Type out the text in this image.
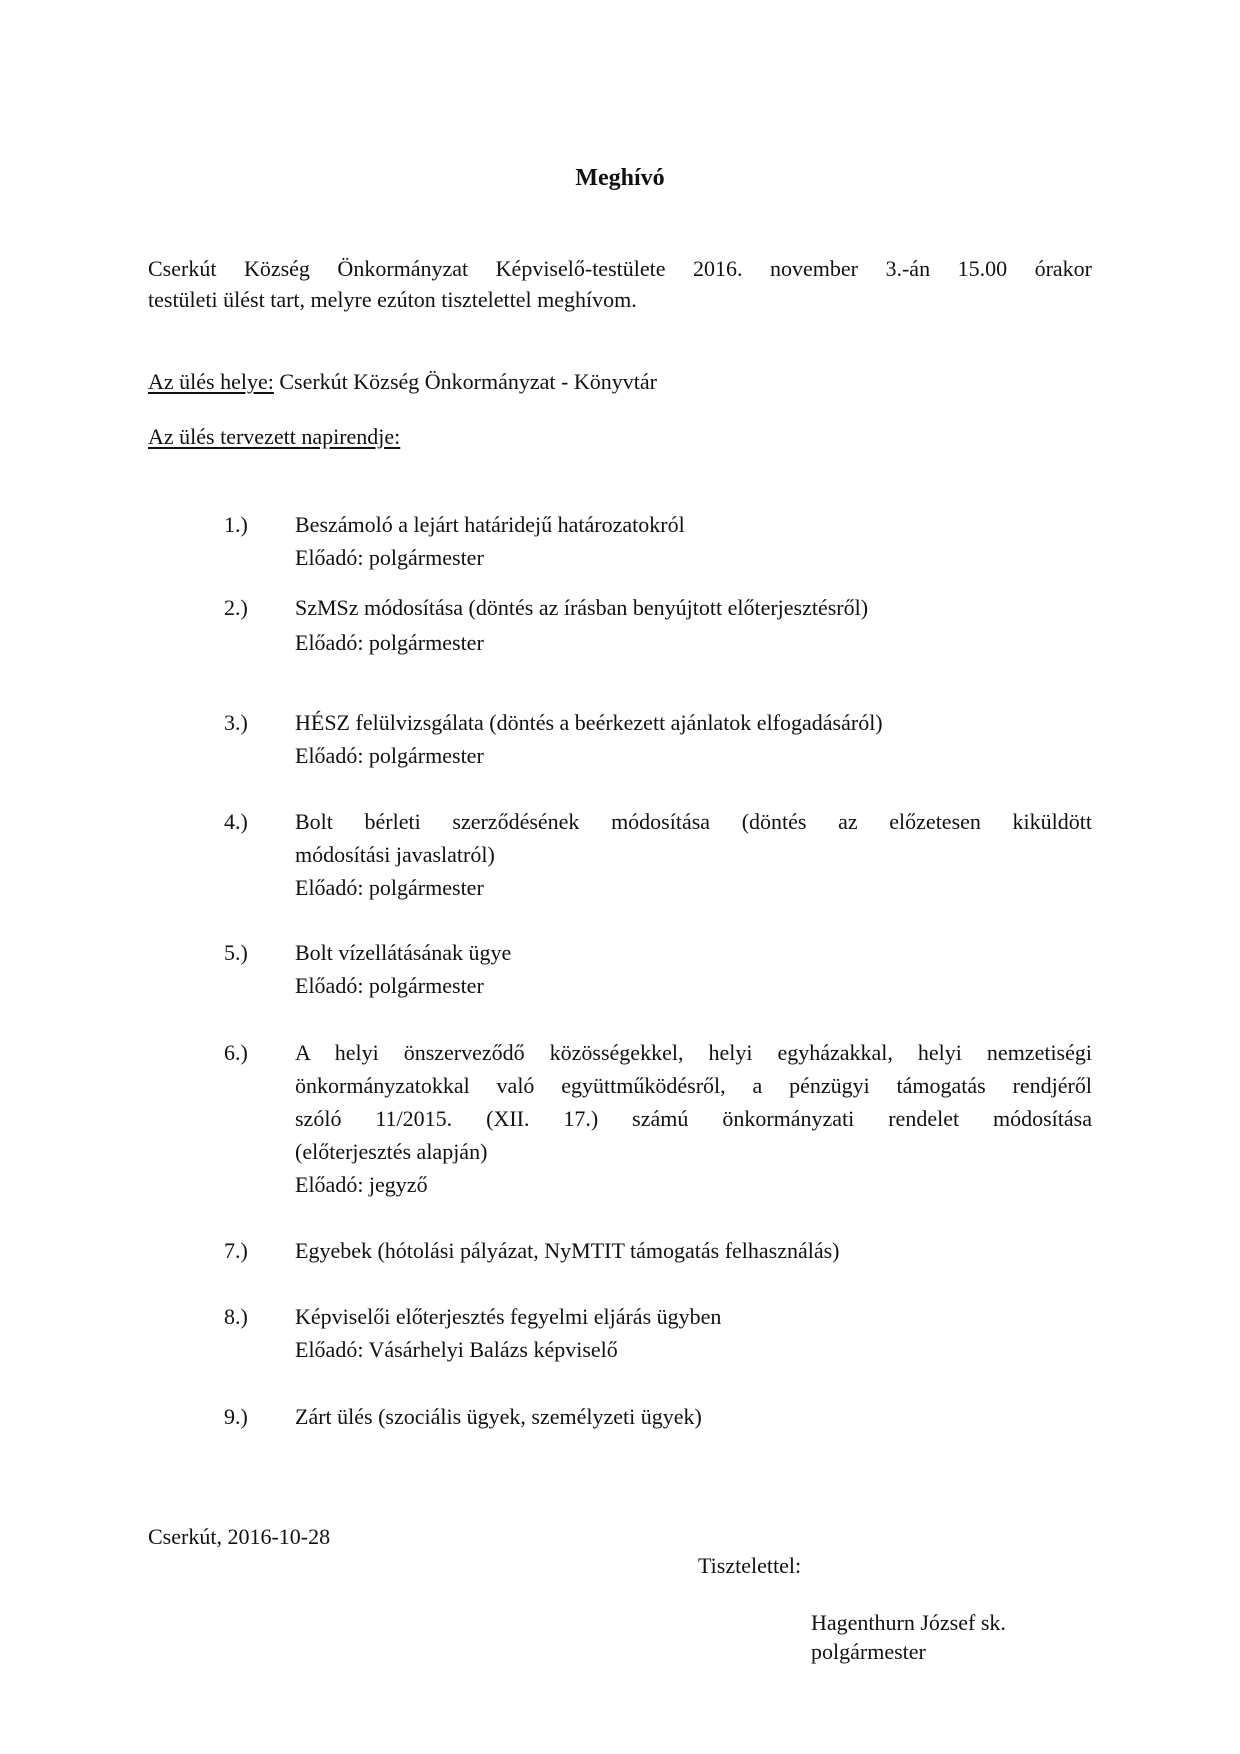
Meghívó
Cserkút Község Önkormányzat Képviselő-testülete 2016. november 3.-án 15.00 órakor
testületi ülést tart, melyre ezúton tisztelettel meghívom.
Az ülés helye: Cserkút Község Önkormányzat - Könyvtár
Az ülés tervezett napirendje:
1.)	Beszámoló a lejárt határidejű határozatokról
Előadó: polgármester
2.)	SzMSz módosítása (döntés az írásban benyújtott előterjesztésről)
Előadó: polgármester
3.)	HÉSZ felülvizsgálata (döntés a beérkezett ajánlatok elfogadásáról)
Előadó: polgármester
4.)	Bolt bérleti szerződésének módosítása (döntés az előzetesen kiküldött
módosítási javaslatról)
Előadó: polgármester
5.)	Bolt vízellátásának ügye
Előadó: polgármester
6.)	A helyi önszerveződő közösségekkel, helyi egyházakkal, helyi nemzetiségi
önkormányzatokkal való együttműködésről, a pénzügyi támogatás rendjéről
szóló 11/2015. (XII. 17.) számú önkormányzati rendelet módosítása
(előterjesztés alapján)
Előadó: jegyző
7.)	Egyebek (hótolási pályázat, NyMTIT támogatás felhasználás)
8.)	Képviselői előterjesztés fegyelmi eljárás ügyben
Előadó: Vásárhelyi Balázs képviselő
9.)	Zárt ülés (szociális ügyek, személyzeti ügyek)
Cserkút, 2016-10-28
Tisztelettel:
Hagenthurn József sk.
polgármester
